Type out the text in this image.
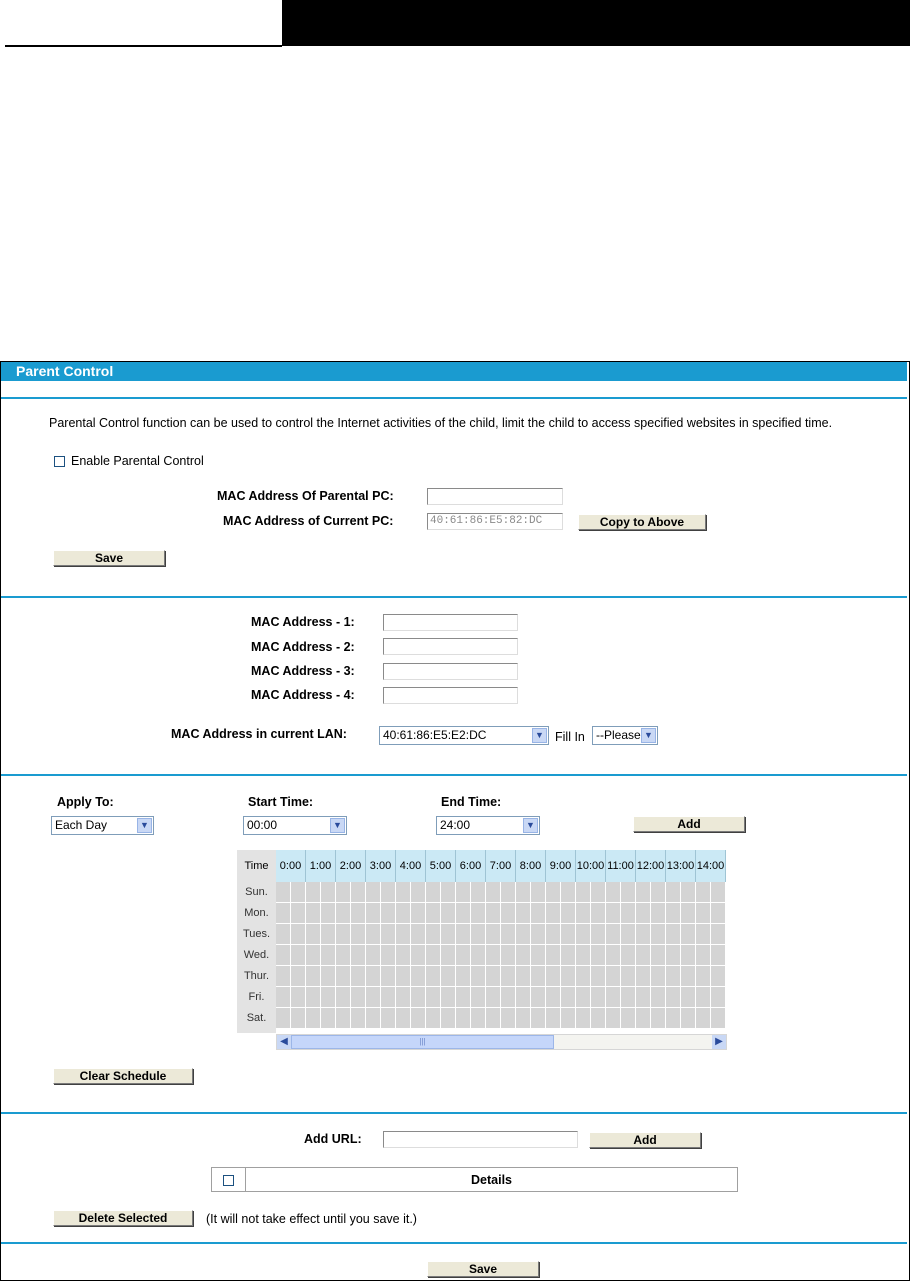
Parent Control
Parental Control function can be used to control the Internet activities of the child, limit the child to access specified websites in specified time.
Enable Parental Control
MAC Address Of Parental PC:
MAC Address of Current PC:	40:61:86:E5:82:DC	Copy to Above
Save
MAC Address - 1:
MAC Address - 2:
MAC Address - 3:
MAC Address - 4:
MAC Address in current LAN:	40:61:86:E5:E2:DC	▼ Fill In --Please ▼
Apply To:
Each Day	▼
Start Time:
00:00	▼
End Time:
24:00	▼	Add
Time	0:00 1:00 2:00 3:00 4:00 5:00 6:00 7:00 8:00 9:00 10:00 11:00 12:00 13:00 14:00
Sun.
Mon.
Tues.
Wed.
Thur.
Fri.
Sat.
◀	|||	▶
Clear Schedule
Add URL:	Add
Details
Delete Selected	(It will not take effect until you save it.)
Save
